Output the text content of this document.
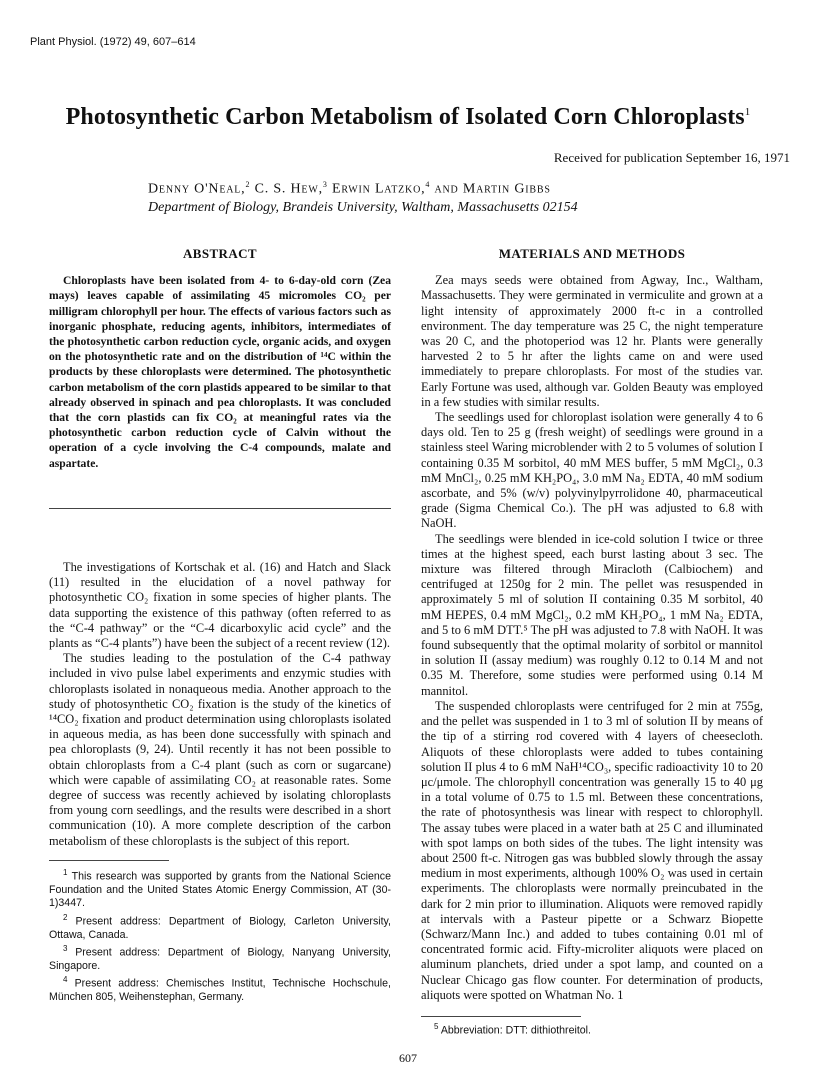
Plant Physiol. (1972) 49, 607–614
Photosynthetic Carbon Metabolism of Isolated Corn Chloroplasts$^1$
Received for publication September 16, 1971
Denny O'Neal,$^2$ C. S. Hew,$^3$ Erwin Latzko,$^4$ and Martin Gibbs
Department of Biology, Brandeis University, Waltham, Massachusetts 02154
ABSTRACT

Chloroplasts have been isolated from 4- to 6-day-old corn (Zea mays) leaves capable of assimilating 45 micromoles CO₂ per milligram chlorophyll per hour. The effects of various factors such as inorganic phosphate, reducing agents, inhibitors, intermediates of the photosynthetic carbon reduction cycle, organic acids, and oxygen on the photosynthetic rate and on the distribution of ¹⁴C within the products by these chloroplasts were determined. The photosynthetic carbon metabolism of the corn plastids appeared to be similar to that already observed in spinach and pea chloroplasts. It was concluded that the corn plastids can fix CO₂ at meaningful rates via the photosynthetic carbon reduction cycle of Calvin without the operation of a cycle involving the C-4 compounds, malate and aspartate.

The investigations of Kortschak et al. (16) and Hatch and Slack (11) resulted in the elucidation of a novel pathway for photosynthetic CO₂ fixation in some species of higher plants. The data supporting the existence of this pathway (often referred to as the “C-4 pathway” or the “C-4 dicarboxylic acid cycle” and the plants as “C-4 plants”) have been the subject of a recent review (12).

The studies leading to the postulation of the C-4 pathway included in vivo pulse label experiments and enzymic studies with chloroplasts isolated in nonaqueous media. Another approach to the study of photosynthetic CO₂ fixation is the study of the kinetics of ¹⁴CO₂ fixation and product determination using chloroplasts isolated in aqueous media, as has been done successfully with spinach and pea chloroplasts (9, 24). Until recently it has not been possible to obtain chloroplasts from a C-4 plant (such as corn or sugarcane) which were capable of assimilating CO₂ at reasonable rates. Some degree of success was recently achieved by isolating chloroplasts from young corn seedlings, and the results were described in a short communication (10). A more complete description of the carbon metabolism of these chloroplasts is the subject of this report.

$^1$ This research was supported by grants from the National Science Foundation and the United States Atomic Energy Commission, AT (30-1)3447.

$^2$ Present address: Department of Biology, Carleton University, Ottawa, Canada.

$^3$ Present address: Department of Biology, Nanyang University, Singapore.

$^4$ Present address: Chemisches Institut, Technische Hochschule, München 805, Weihenstephan, Germany.

MATERIALS AND METHODS

Zea mays seeds were obtained from Agway, Inc., Waltham, Massachusetts. They were germinated in vermiculite and grown at a light intensity of approximately 2000 ft-c in a controlled environment. The day temperature was 25 C, the night temperature was 20 C, and the photoperiod was 12 hr. Plants were generally harvested 2 to 5 hr after the lights came on and were used immediately to prepare chloroplasts. For most of the studies var. Early Fortune was used, although var. Golden Beauty was employed in a few studies with similar results.

The seedlings used for chloroplast isolation were generally 4 to 6 days old. Ten to 25 g (fresh weight) of seedlings were ground in a stainless steel Waring microblender with 2 to 5 volumes of solution I containing 0.35 M sorbitol, 40 mM MES buffer, 5 mM MgCl₂, 0.3 mM MnCl₂, 0.25 mM KH₂PO₄, 3.0 mM Na₂ EDTA, 40 mM sodium ascorbate, and 5% (w/v) polyvinylpyrrolidone 40, pharmaceutical grade (Sigma Chemical Co.). The pH was adjusted to 6.8 with NaOH.

The seedlings were blended in ice-cold solution I twice or three times at the highest speed, each burst lasting about 3 sec. The mixture was filtered through Miracloth (Calbiochem) and centrifuged at 1250g for 2 min. The pellet was resuspended in approximately 5 ml of solution II containing 0.35 M sorbitol, 40 mM HEPES, 0.4 mM MgCl₂, 0.2 mM KH₂PO₄, 1 mM Na₂ EDTA, and 5 to 6 mM DTT.⁵ The pH was adjusted to 7.8 with NaOH. It was found subsequently that the optimal molarity of sorbitol or mannitol in solution II (assay medium) was roughly 0.12 to 0.14 M and not 0.35 M. Therefore, some studies were performed using 0.14 M mannitol.

The suspended chloroplasts were centrifuged for 2 min at 755g, and the pellet was suspended in 1 to 3 ml of solution II by means of the tip of a stirring rod covered with 4 layers of cheesecloth. Aliquots of these chloroplasts were added to tubes containing solution II plus 4 to 6 mM NaH¹⁴CO₃, specific radioactivity 10 to 20 μc/μmole. The chlorophyll concentration was generally 15 to 40 μg in a total volume of 0.75 to 1.5 ml. Between these concentrations, the rate of photosynthesis was linear with respect to chlorophyll. The assay tubes were placed in a water bath at 25 C and illuminated with spot lamps on both sides of the tubes. The light intensity was about 2500 ft-c. Nitrogen gas was bubbled slowly through the assay medium in most experiments, although 100% O₂ was used in certain experiments. The chloroplasts were normally preincubated in the dark for 2 min prior to illumination. Aliquots were removed rapidly at intervals with a Pasteur pipette or a Schwarz Biopette (Schwarz/Mann Inc.) and added to tubes containing 0.01 ml of concentrated formic acid. Fifty-microliter aliquots were placed on aluminum planchets, dried under a spot lamp, and counted on a Nuclear Chicago gas flow counter. For determination of products, aliquots were spotted on Whatman No. 1

$^5$ Abbreviation: DTT: dithiothreitol.
607
